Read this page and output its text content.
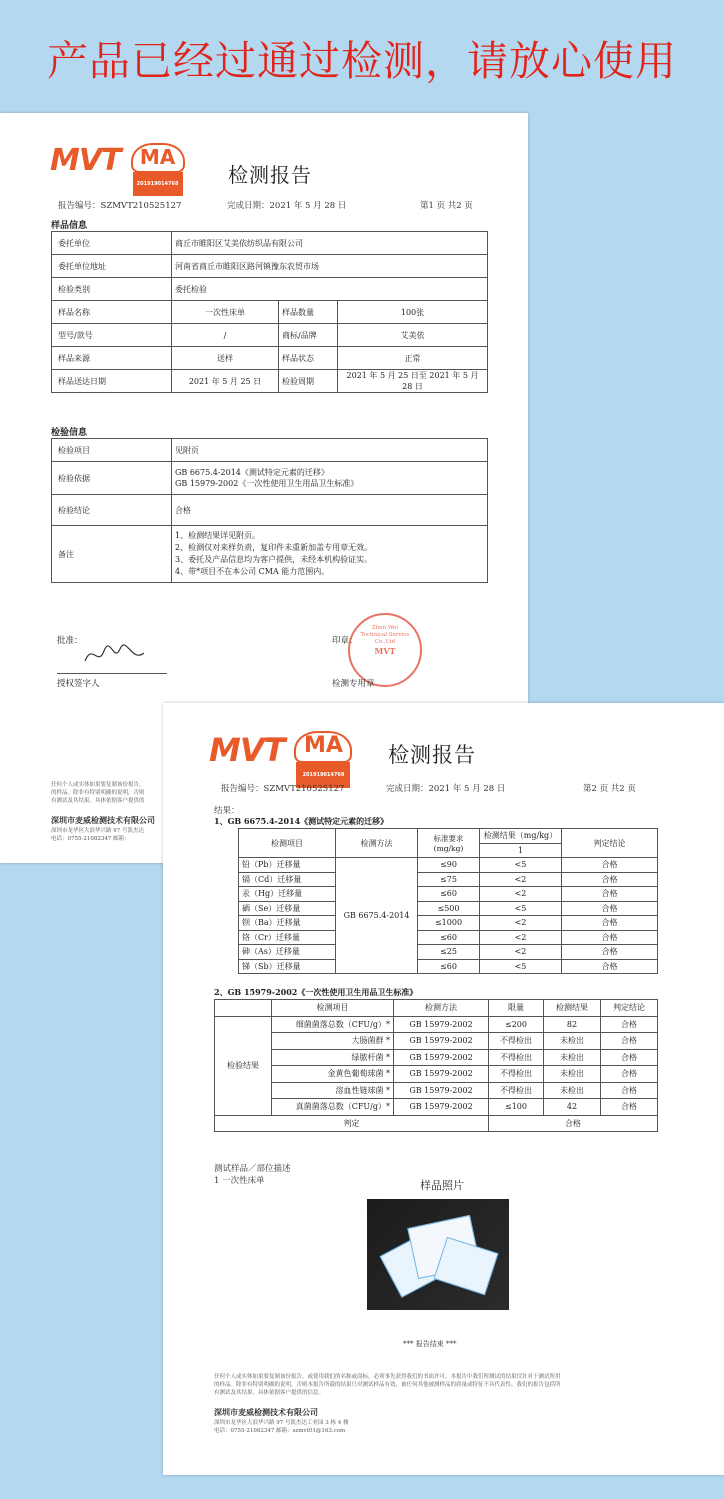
产品已经过通过检测，请放心使用
MVT MA
201919014768 检测报告
报告编号：SZMVT210525127	完成日期：2021 年 5 月 28 日	第1 页 共2 页
样品信息
委托单位	商丘市睢阳区艾美依纺织品有限公司		
委托单位地址	河南省商丘市睢阳区路河镇豫东农贸市场		
检验类别	委托检验		
样品名称	一次性床单	样品数量	100张
型号/款号	/	商标/品牌	艾美依
样品来源	送样	样品状态	正常
样品送达日期	2021 年 5 月 25 日	检验周期	2021 年 5 月 25 日至 2021 年 5 月 28 日
检验信息
检验项目	见附页
检验依据	GB 6675.4-2014《测试特定元素的迁移》
GB 15979-2002《一次性使用卫生用品卫生标准》

检验结论	合格
备注	1、检测结果详见附页。
2、检测仅对来样负责，复印件未重新加盖专用章无效。
3、委托及产品信息均为客户提供，未经本机构验证实。
4、带*项目不在本公司 CMA 能力范围内。
批准：
授权签字人
印章：
Zhen Wei Technical Service Co.,Ltd
MVT
检测专用章
任何个人或实体如果要复制该份报告，
的样品。除非有特别明确的说明，否则
有测试及其结果。具体依据客户提供的
深圳市麦威检测技术有限公司
深圳市龙华区大浪华兴路 97 号凯杰达
电话：0755-21082347 邮箱：
MVT MA
201919014768
检测报告
报告编号：SZMVT210525127	完成日期：2021 年 5 月 28 日	第2 页 共2 页
结果：
1、GB 6675.4-2014《测试特定元素的迁移》
检测项目	检测方法	标准要求(mg/kg)	检测结果（mg/kg）	判定结论
			1	
铅（Pb）迁移量	GB 6675.4-2014	≤90	<5	合格
镉（Cd）迁移量		≤75	<2	合格
汞（Hg）迁移量		≤60	<2	合格
硒（Se）迁移量		≤500	<5	合格
钡（Ba）迁移量		≤1000	<2	合格
铬（Cr）迁移量		≤60	<2	合格
砷（As）迁移量		≤25	<2	合格
锑（Sb）迁移量		≤60	<5	合格
2、GB 15979-2002《一次性使用卫生用品卫生标准》
	检测项目	检测方法	限量	检测结果	判定结论
检验结果	细菌菌落总数（CFU/g）*	GB 15979-2002	≤200	82	合格
	大肠菌群 *	GB 15979-2002	不得检出	未检出	合格
	绿脓杆菌 *	GB 15979-2002	不得检出	未检出	合格
	金黄色葡萄球菌 *	GB 15979-2002	不得检出	未检出	合格
	溶血性链球菌 *	GB 15979-2002	不得检出	未检出	合格
	真菌菌落总数（CFU/g）*	GB 15979-2002	≤100	42	合格
判定			合格		
测试样品／部位描述
1 一次性床单	样品照片
*** 报告结束 ***
任何个人或实体如果要复制该份报告，或使用我们的名称或商标，必须事先获得我们的书面许可。本报告中我们所测试的结果仅针对于测试所用
的样品。除非有特别明确的说明，否则本报告所载的结果只对测试样品有效，被任何其他被测样品的质量或特征不具代表性。我们的报告包括所
有测试及其结果。具体依据客户提供的信息。
深圳市麦威检测技术有限公司
深圳市龙华区大浪华兴路 97 号凯杰达工业园 3 栋 4 楼
电话：0755-21082347 邮箱：szmvt01@163.com
